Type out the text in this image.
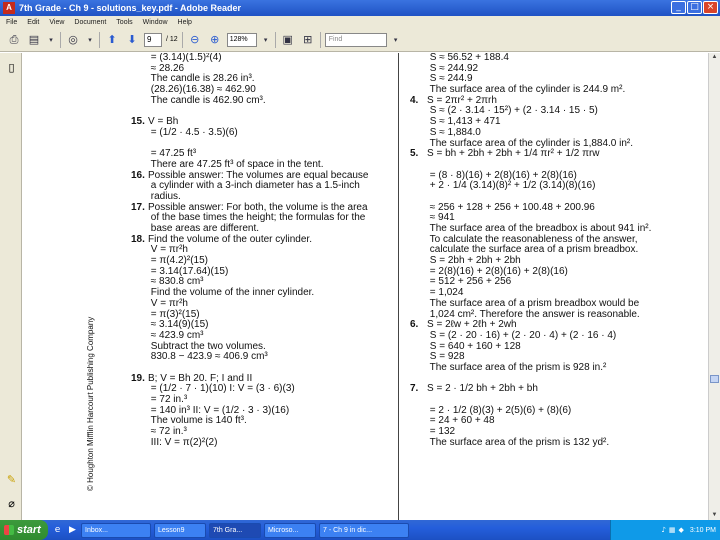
A 7th Grade - Ch 9 - solutions_key.pdf - Adobe Reader	_	□ ×
File Edit View Document Tools Window Help
⎙ ▤	▾ ◎	▾	⬆ ⬇	9	/ 12	⊖ ⊕	128%	▾ ▣ ⊞	Find	▾
▯
✎
⌀
© Houghton Mifflin Harcourt Publishing Company
= (3.14)(1.5)²(4)
≈ 28.26
The candle is 28.26 in³.
(28.26)(16.38) ≈ 462.90
The candle is 462.90 cm³.
15. V = Bh
= (1/2 · 4.5 · 3.5)(6)
= 47.25 ft³
There are 47.25 ft³ of space in the tent.
16. Possible answer: The volumes are equal because
a cylinder with a 3-inch diameter has a 1.5-inch
radius.
17. Possible answer: For both, the volume is the area
of the base times the height; the formulas for the
base areas are different.
18. Find the volume of the outer cylinder.
V = πr²h
= π(4.2)²(15)
= 3.14(17.64)(15)
≈ 830.8 cm³
Find the volume of the inner cylinder.
V = πr²h
= π(3)²(15)
≈ 3.14(9)(15)
≈ 423.9 cm³
Subtract the two volumes.
830.8 − 423.9 ≈ 406.9 cm³
19. B; V = Bh 20. F; I and II
= (1/2 · 7 · 1)(10) I: V = (3 · 6)(3)
= 72 in.³
= 140 in³ II: V = (1/2 · 3 · 3)(16)
The volume is 140 ft³.
≈ 72 in.³
III: V = π(2)²(2)
S ≈ 56.52 + 188.4
S ≈ 244.92
S ≈ 244.9
The surface area of the cylinder is 244.9 m².
4. S = 2πr² + 2πrh
S ≈ (2 · 3.14 · 15²) + (2 · 3.14 · 15 · 5)
S ≈ 1,413 + 471
S ≈ 1,884.0
The surface area of the cylinder is 1,884.0 in².
5. S = bh + 2bh + 2bh + 1/4 πr² + 1/2 πrw
= (8 · 8)(16) + 2(8)(16) + 2(8)(16)
+ 2 · 1/4 (3.14)(8)² + 1/2 (3.14)(8)(16)
≈ 256 + 128 + 256 + 100.48 + 200.96
≈ 941
The surface area of the breadbox is about 941 in².
To calculate the reasonableness of the answer,
calculate the surface area of a prism breadbox.
S = 2bh + 2bh + 2bh
= 2(8)(16) + 2(8)(16) + 2(8)(16)
= 512 + 256 + 256
= 1,024
The surface area of a prism breadbox would be
1,024 cm². Therefore the answer is reasonable.
6. S = 2ℓw + 2ℓh + 2wh
S = (2 · 20 · 16) + (2 · 20 · 4) + (2 · 16 · 4)
S = 640 + 160 + 128
S = 928
The surface area of the prism is 928 in.²
7. S = 2 · 1/2 bh + 2bh + bh
= 2 · 1/2 (8)(3) + 2(5)(6) + (8)(6)
= 24 + 60 + 48
= 132
The surface area of the prism is 132 yd².
▲
▼
start	e ▶	Inbox...	Lesson9	7th Gra...	Microso...	7 - Ch 9 in dic...	♪ ▦ ◆ 3:10 PM
